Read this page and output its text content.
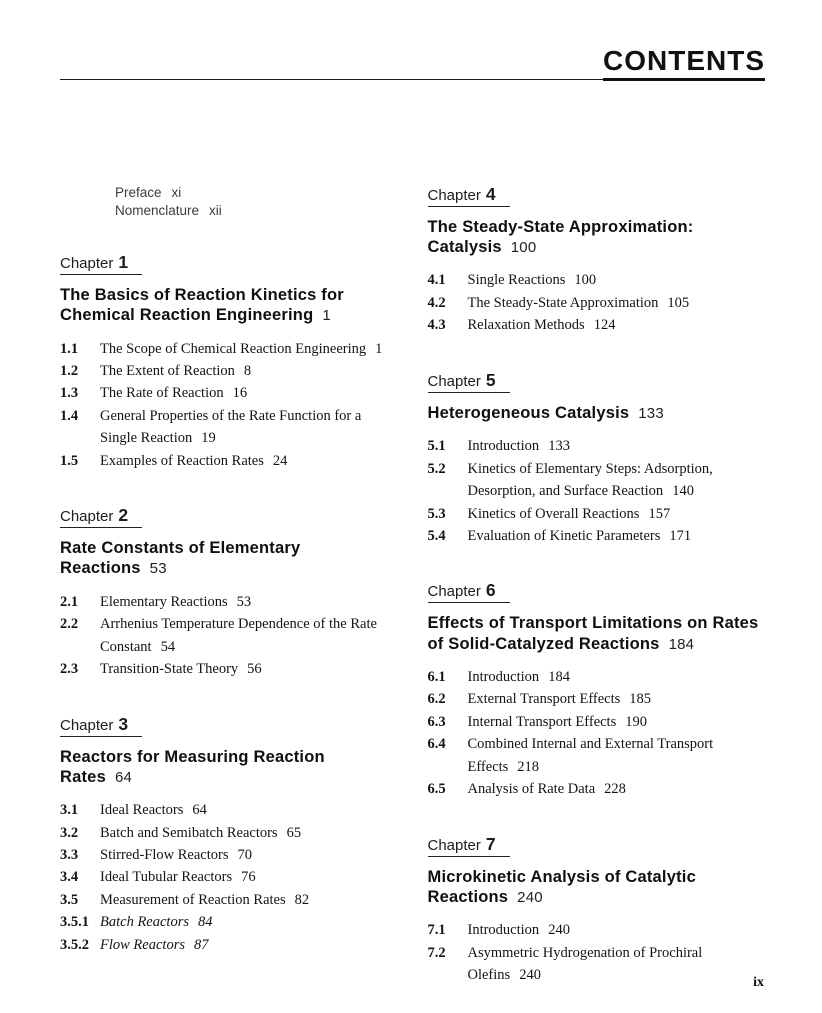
CONTENTS
Preface xi
Nomenclature xii
Chapter 1
The Basics of Reaction Kinetics for Chemical Reaction Engineering 1
1.1	The Scope of Chemical Reaction Engineering 1
1.2	The Extent of Reaction 8
1.3	The Rate of Reaction 16
1.4	General Properties of the Rate Function for a Single Reaction 19
1.5	Examples of Reaction Rates 24
Chapter 2
Rate Constants of Elementary Reactions 53
2.1	Elementary Reactions 53
2.2	Arrhenius Temperature Dependence of the Rate Constant 54
2.3	Transition-State Theory 56
Chapter 3
Reactors for Measuring Reaction Rates 64
3.1	Ideal Reactors 64
3.2	Batch and Semibatch Reactors 65
3.3	Stirred-Flow Reactors 70
3.4	Ideal Tubular Reactors 76
3.5	Measurement of Reaction Rates 82
3.5.1 Batch Reactors 84
3.5.2 Flow Reactors 87
Chapter 4
The Steady-State Approximation: Catalysis 100
4.1	Single Reactions 100
4.2	The Steady-State Approximation 105
4.3	Relaxation Methods 124
Chapter 5
Heterogeneous Catalysis 133
5.1	Introduction 133
5.2	Kinetics of Elementary Steps: Adsorption, Desorption, and Surface Reaction 140
5.3	Kinetics of Overall Reactions 157
5.4	Evaluation of Kinetic Parameters 171
Chapter 6
Effects of Transport Limitations on Rates of Solid-Catalyzed Reactions 184
6.1	Introduction 184
6.2	External Transport Effects 185
6.3	Internal Transport Effects 190
6.4	Combined Internal and External Transport Effects 218
6.5	Analysis of Rate Data 228
Chapter 7
Microkinetic Analysis of Catalytic Reactions 240
7.1	Introduction 240
7.2	Asymmetric Hydrogenation of Prochiral Olefins 240	ix
